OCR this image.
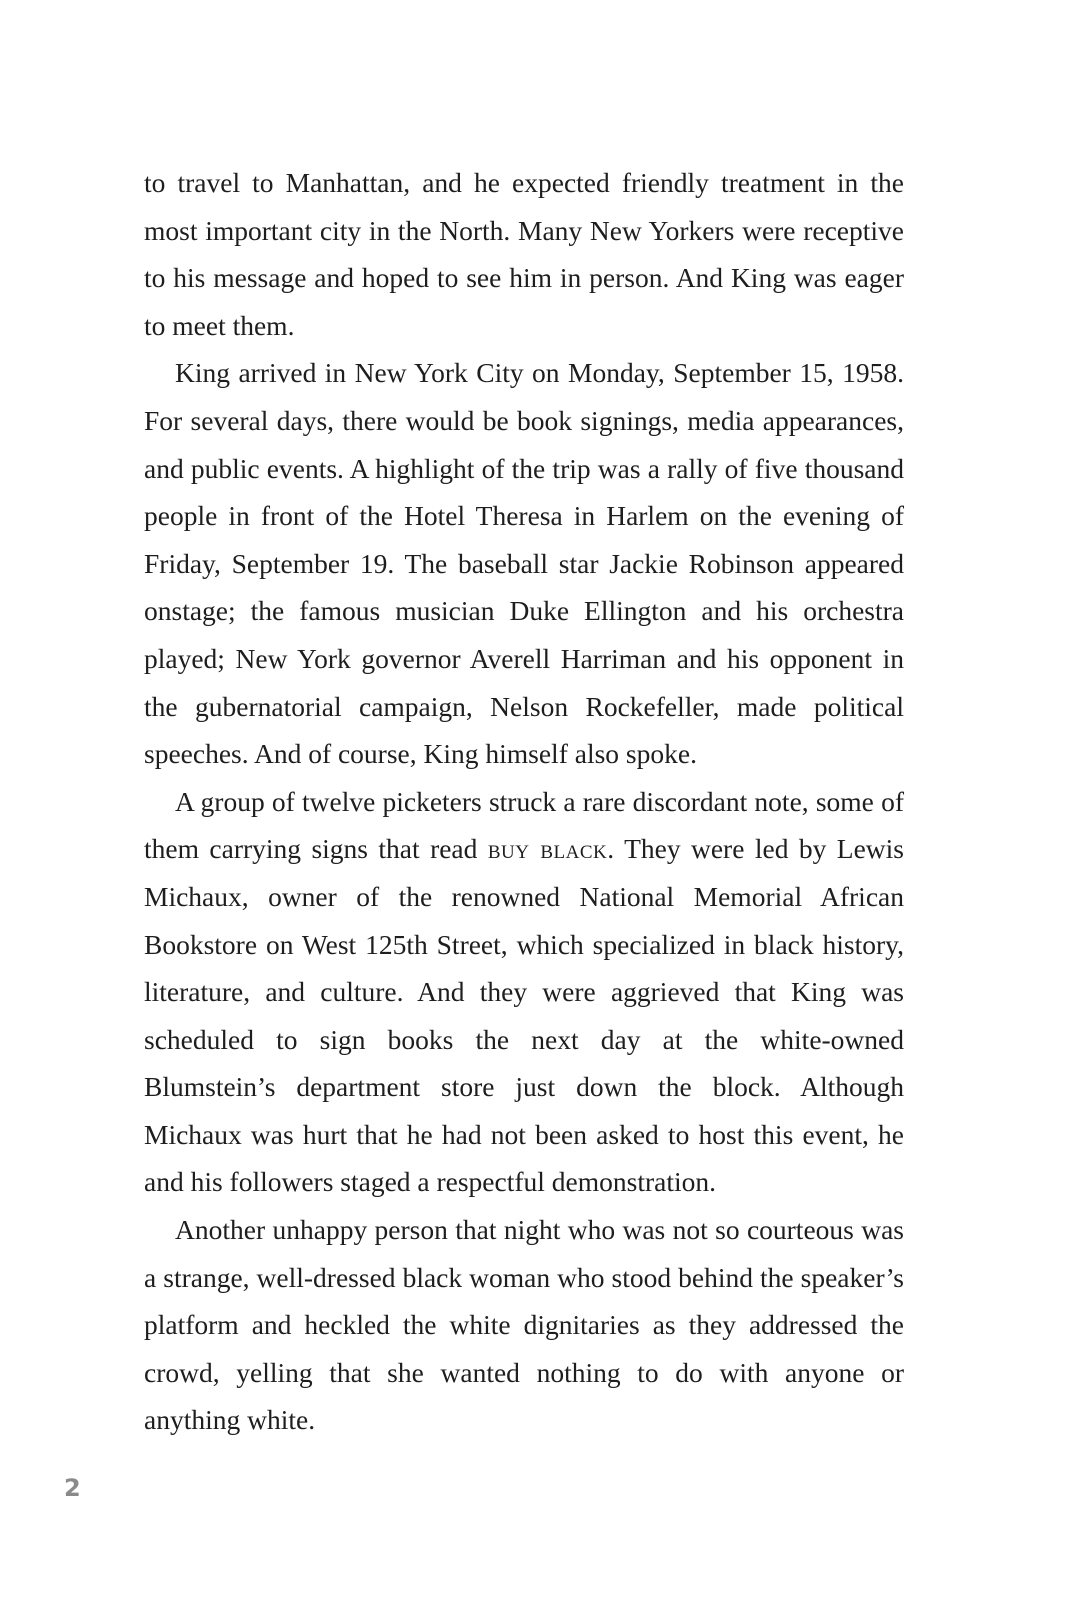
to travel to Manhattan, and he expected friendly treatment in the most important city in the North. Many New Yorkers were receptive to his message and hoped to see him in person. And King was eager to meet them.

King arrived in New York City on Monday, September 15, 1958. For several days, there would be book signings, media appearances, and public events. A highlight of the trip was a rally of five thousand people in front of the Hotel Theresa in Harlem on the evening of Friday, September 19. The baseball star Jackie Robinson appeared onstage; the famous musician Duke Ellington and his orchestra played; New York governor Averell Harriman and his opponent in the gubernatorial campaign, Nelson Rockefeller, made political speeches. And of course, King himself also spoke.

A group of twelve picketers struck a rare discordant note, some of them carrying signs that read buy black. They were led by Lewis Michaux, owner of the renowned National Memorial African Bookstore on West 125th Street, which specialized in black history, literature, and culture. And they were aggrieved that King was scheduled to sign books the next day at the white-owned Blumstein’s department store just down the block. Although Michaux was hurt that he had not been asked to host this event, he and his followers staged a respectful demonstration.

Another unhappy person that night who was not so courteous was a strange, well-dressed black woman who stood behind the speaker’s platform and heckled the white dignitaries as they addressed the crowd, yelling that she wanted nothing to do with anyone or anything white.

2
